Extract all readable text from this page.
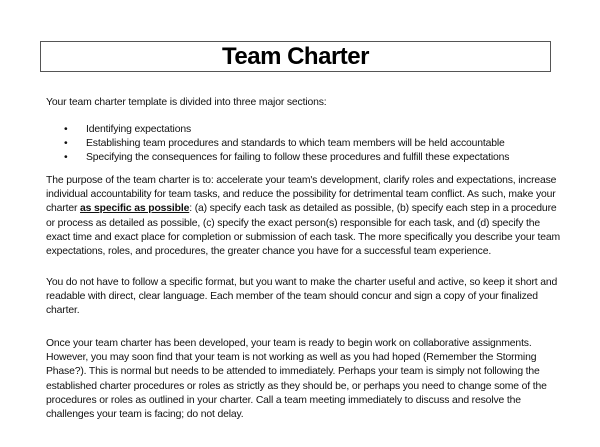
Team Charter
Your team charter template is divided into three major sections:
• Identifying expectations
• Establishing team procedures and standards to which team members will be held accountable
• Specifying the consequences for failing to follow these procedures and fulfill these expectations
The purpose of the team charter is to: accelerate your team's development, clarify roles and expectations, increase individual accountability for team tasks, and reduce the possibility for detrimental team conflict. As such, make your charter as specific as possible: (a) specify each task as detailed as possible, (b) specify each step in a procedure or process as detailed as possible, (c) specify the exact person(s) responsible for each task, and (d) specify the exact time and exact place for completion or submission of each task. The more specifically you describe your team expectations, roles, and procedures, the greater chance you have for a successful team experience.
You do not have to follow a specific format, but you want to make the charter useful and active, so keep it short and readable with direct, clear language. Each member of the team should concur and sign a copy of your finalized charter.
Once your team charter has been developed, your team is ready to begin work on collaborative assignments. However, you may soon find that your team is not working as well as you had hoped (Remember the Storming Phase?). This is normal but needs to be attended to immediately. Perhaps your team is simply not following the established charter procedures or roles as strictly as they should be, or perhaps you need to change some of the procedures or roles as outlined in your charter. Call a team meeting immediately to discuss and resolve the challenges your team is facing; do not delay.
